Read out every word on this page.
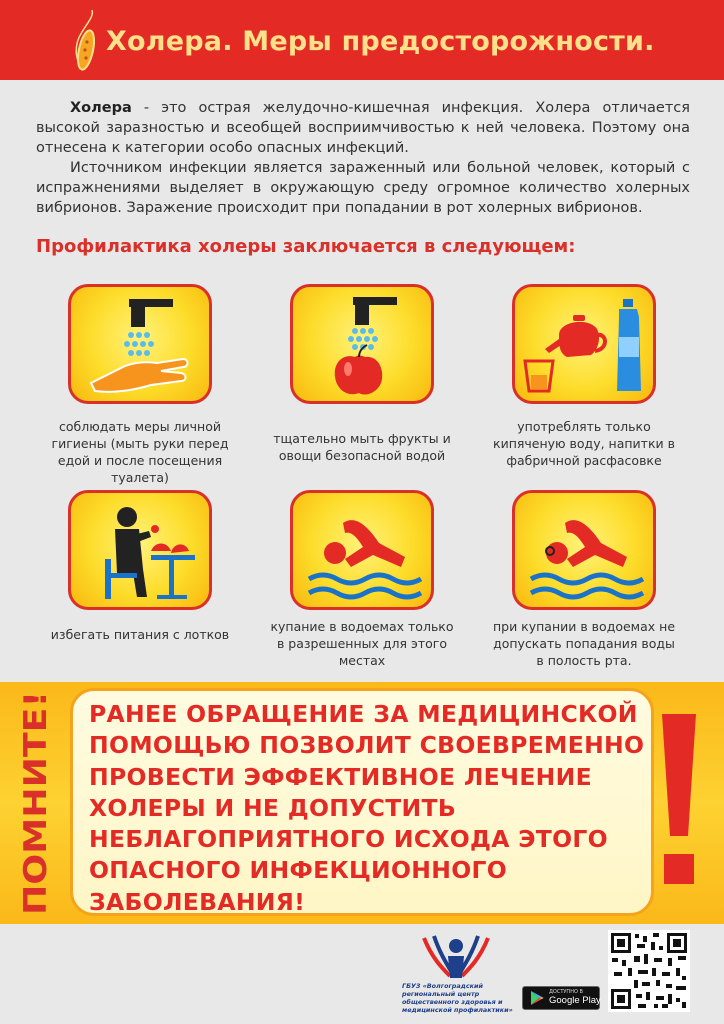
Холера. Меры предосторожности.

Холера - это острая желудочно-кишечная инфекция. Холера отличается высокой заразностью и всеобщей восприимчивостью к ней человека. Поэтому она отнесена к категории особо опасных инфекций.

Источником инфекции является зараженный или больной человек, который с испражнениями выделяет в окружающую среду огромное количество холерных вибрионов. Заражение происходит при попадании в рот холерных вибрионов.

Профилактика холеры заключается в следующем:
соблюдать меры личной гигиены (мыть руки перед едой и после посещения туалета)
тщательно мыть фрукты и овощи безопасной водой
употреблять только кипяченую воду, напитки в фабричной расфасовке
избегать питания с лотков
купание в водоемах только в разрешенных для этого местах
при купании в водоемах не допускать попадания воды в полость рта.
ПОМНИТЕ!
РАНЕЕ ОБРАЩЕНИЕ ЗА МЕДИЦИНСКОЙ
ПОМОЩЬЮ ПОЗВОЛИТ СВОЕВРЕМЕННО
ПРОВЕСТИ ЭФФЕКТИВНОЕ ЛЕЧЕНИЕ
ХОЛЕРЫ И НЕ ДОПУСТИТЬ
НЕБЛАГОПРИЯТНОГО ИСХОДА ЭТОГО
ОПАСНОГО ИНФЕКЦИОННОГО
ЗАБОЛЕВАНИЯ!
ГБУЗ «Волгоградский региональный центр общественного здоровья и медицинской профилактики»
ДОСТУПНО В
Google Play
